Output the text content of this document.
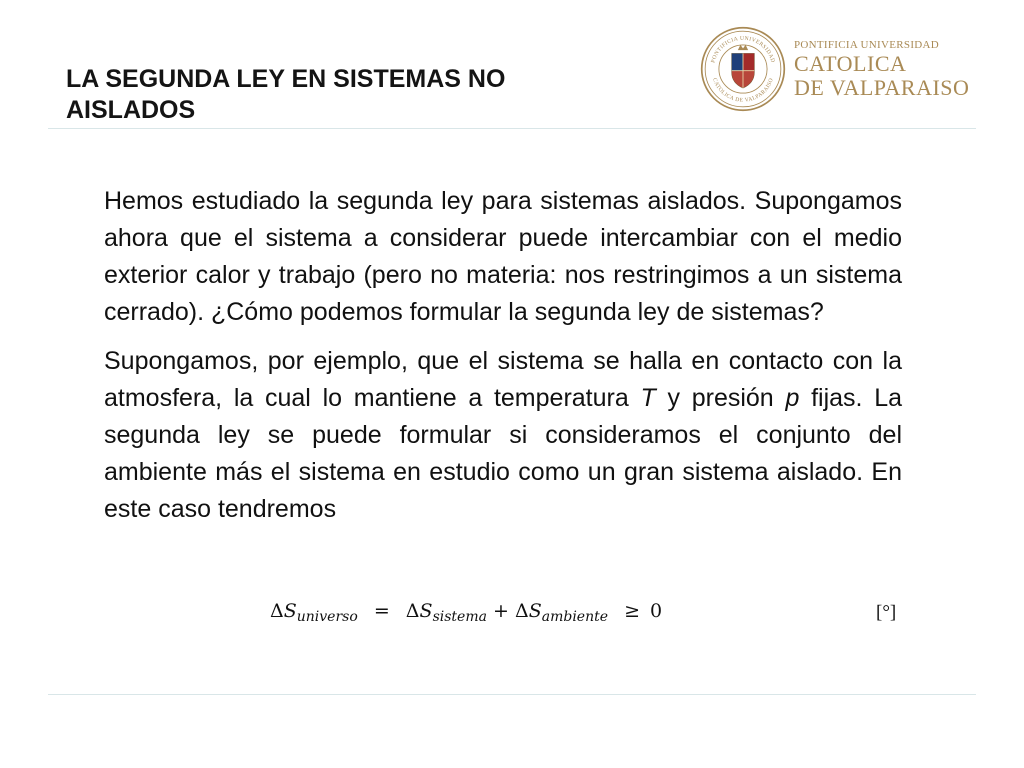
LA SEGUNDA LEY EN SISTEMAS NO
AISLADOS
PONTIFICIA UNIVERSIDAD
CATOLICA DE VALPARAISO
PONTIFICIA UNIVERSIDAD
CATOLICA
DE VALPARAISO

Hemos estudiado la segunda ley para sistemas aislados. Supongamos ahora que el sistema a considerar puede intercambiar con el medio exterior calor y trabajo (pero no materia: nos restringimos a un sistema cerrado). ¿Cómo podemos formular la segunda ley de sistemas?

Supongamos, por ejemplo, que el sistema se halla en contacto con la atmosfera, la cual lo mantiene a temperatura T y presión p fijas. La segunda ley se puede formular si consideramos el conjunto del ambiente más el sistema en estudio como un gran sistema aislado. En este caso tendremos

$\Delta S_{universo} = \Delta S_{sistema} + \Delta S_{ambiente} \ge 0$	[°]
